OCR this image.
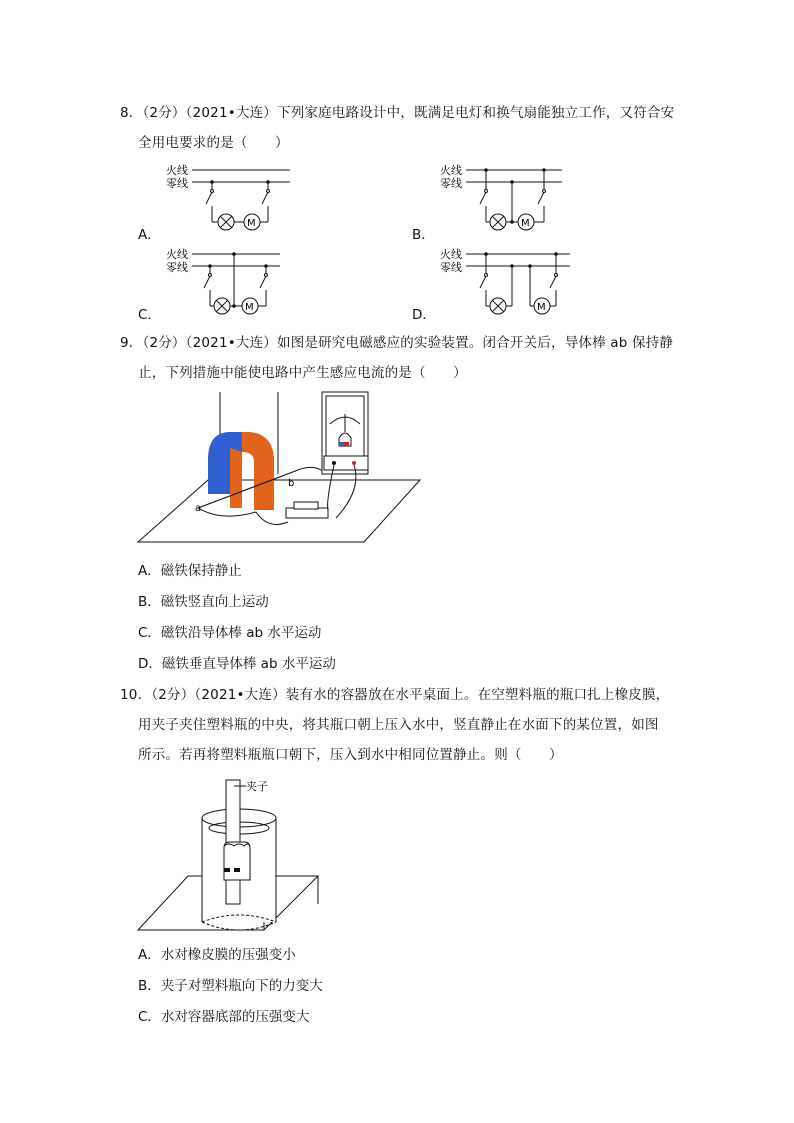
8．（2分）（2021•大连）下列家庭电路设计中，既满足电灯和换气扇能独立工作，又符合安
全用电要求的是（　　）
火线
零线
M
A．
火线
零线
M
B．
火线
零线
M
C．
火线
零线
M
D．
9．（2分）（2021•大连）如图是研究电磁感应的实验装置。闭合开关后，导体棒 ab 保持静
止，下列措施中能使电路中产生感应电流的是（　　）
a
b
A．磁铁保持静止
B．磁铁竖直向上运动
C．磁铁沿导体棒 ab 水平运动
D．磁铁垂直导体棒 ab 水平运动
10．（2分）（2021•大连）装有水的容器放在水平桌面上。在空塑料瓶的瓶口扎上橡皮膜，
用夹子夹住塑料瓶的中央，将其瓶口朝上压入水中，竖直静止在水面下的某位置，如图
所示。若再将塑料瓶瓶口朝下，压入到水中相同位置静止。则（　　）
夹子
A．水对橡皮膜的压强变小
B．夹子对塑料瓶向下的力变大
C．水对容器底部的压强变大
